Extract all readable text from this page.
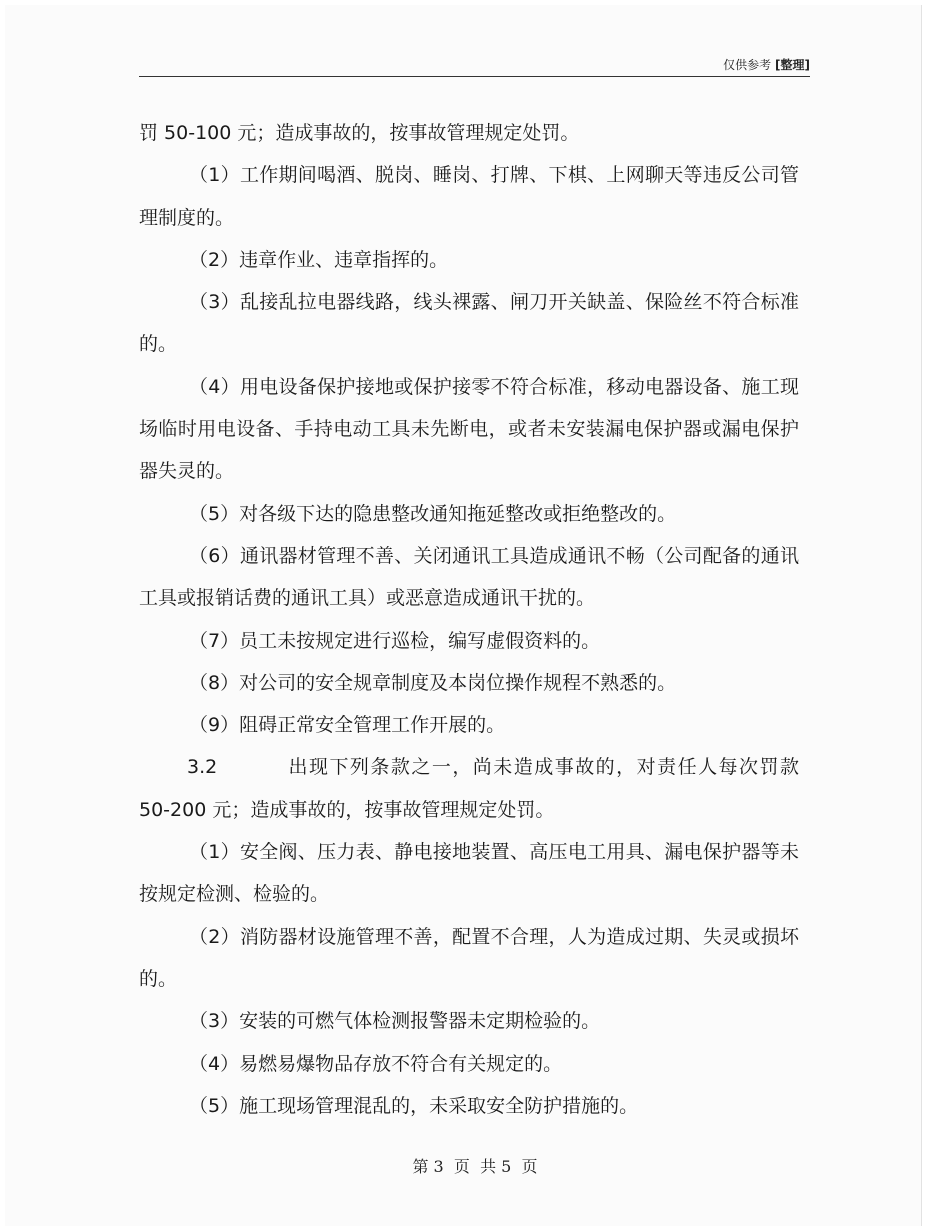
仅供参考 [整理]

罚 50-100 元；造成事故的，按事故管理规定处罚。

（1）工作期间喝酒、脱岗、睡岗、打牌、下棋、上网聊天等违反公司管理制度的。

（2）违章作业、违章指挥的。

（3）乱接乱拉电器线路，线头裸露、闸刀开关缺盖、保险丝不符合标准的。

（4）用电设备保护接地或保护接零不符合标准，移动电器设备、施工现场临时用电设备、手持电动工具未先断电，或者未安装漏电保护器或漏电保护器失灵的。

（5）对各级下达的隐患整改通知拖延整改或拒绝整改的。

（6）通讯器材管理不善、关闭通讯工具造成通讯不畅（公司配备的通讯工具或报销话费的通讯工具）或恶意造成通讯干扰的。

（7）员工未按规定进行巡检，编写虚假资料的。

（8）对公司的安全规章制度及本岗位操作规程不熟悉的。

（9）阻碍正常安全管理工作开展的。

3.2	出现下列条款之一，尚未造成事故的，对责任人每次罚款 50-200 元；造成事故的，按事故管理规定处罚。

（1）安全阀、压力表、静电接地装置、高压电工用具、漏电保护器等未按规定检测、检验的。

（2）消防器材设施管理不善，配置不合理，人为造成过期、失灵或损坏的。

（3）安装的可燃气体检测报警器未定期检验的。

（4）易燃易爆物品存放不符合有关规定的。

（5）施工现场管理混乱的，未采取安全防护措施的。

第 3  页  共 5  页
